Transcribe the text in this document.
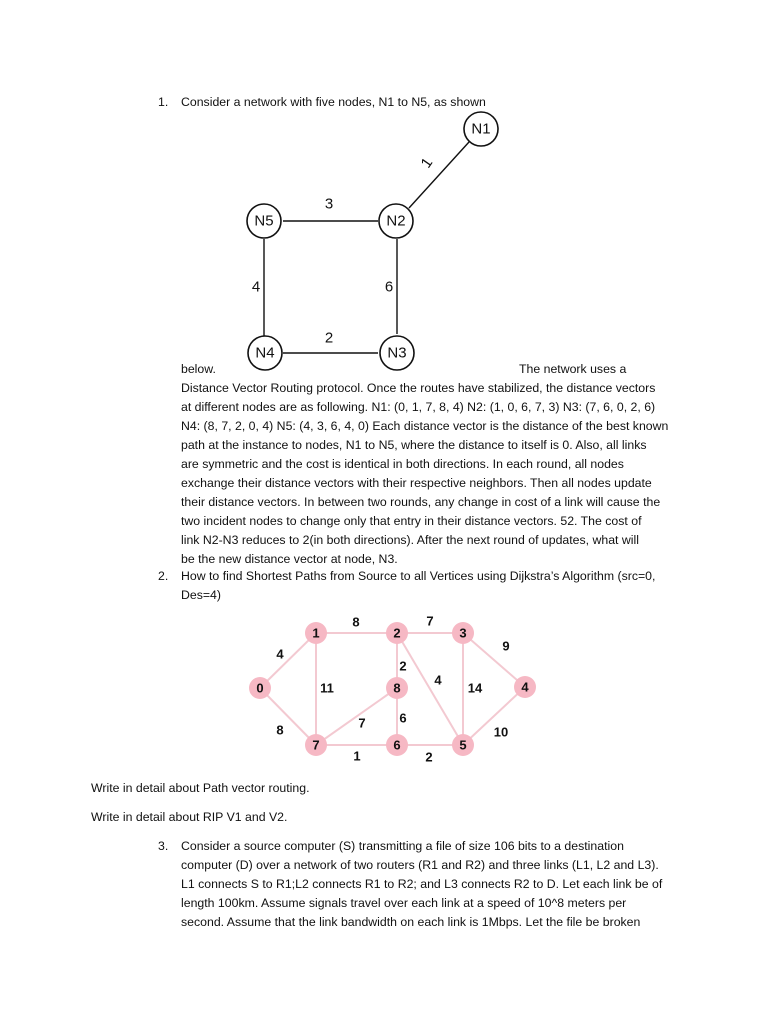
1. Consider a network with five nodes, N1 to N5, as shown
1
3
6
4
2
N1
N2
N3
N4
N5
below.	The network uses a
Distance Vector Routing protocol. Once the routes have stabilized, the distance vectors
at different nodes are as following. N1: (0, 1, 7, 8, 4) N2: (1, 0, 6, 7, 3) N3: (7, 6, 0, 2, 6)
N4: (8, 7, 2, 0, 4) N5: (4, 3, 6, 4, 0) Each distance vector is the distance of the best known
path at the instance to nodes, N1 to N5, where the distance to itself is 0. Also, all links
are symmetric and the cost is identical in both directions. In each round, all nodes
exchange their distance vectors with their respective neighbors. Then all nodes update
their distance vectors. In between two rounds, any change in cost of a link will cause the
two incident nodes to change only that entry in their distance vectors. 52. The cost of
link N2-N3 reduces to 2(in both directions). After the next round of updates, what will
be the new distance vector at node, N3.
2. How to find Shortest Paths from Source to all Vertices using Dijkstra’s Algorithm (src=0,
Des=4)
4
8
8
11
7
2
4
9
14
10
2
1
6
7
0
1	2	3
4
5
6
7
8
Write in detail about Path vector routing.
Write in detail about RIP V1 and V2.
3. Consider a source computer (S) transmitting a file of size 106 bits to a destination
computer (D) over a network of two routers (R1 and R2) and three links (L1, L2 and L3).
L1 connects S to R1;L2 connects R1 to R2; and L3 connects R2 to D. Let each link be of
length 100km. Assume signals travel over each link at a speed of 10^8 meters per
second. Assume that the link bandwidth on each link is 1Mbps. Let the file be broken
